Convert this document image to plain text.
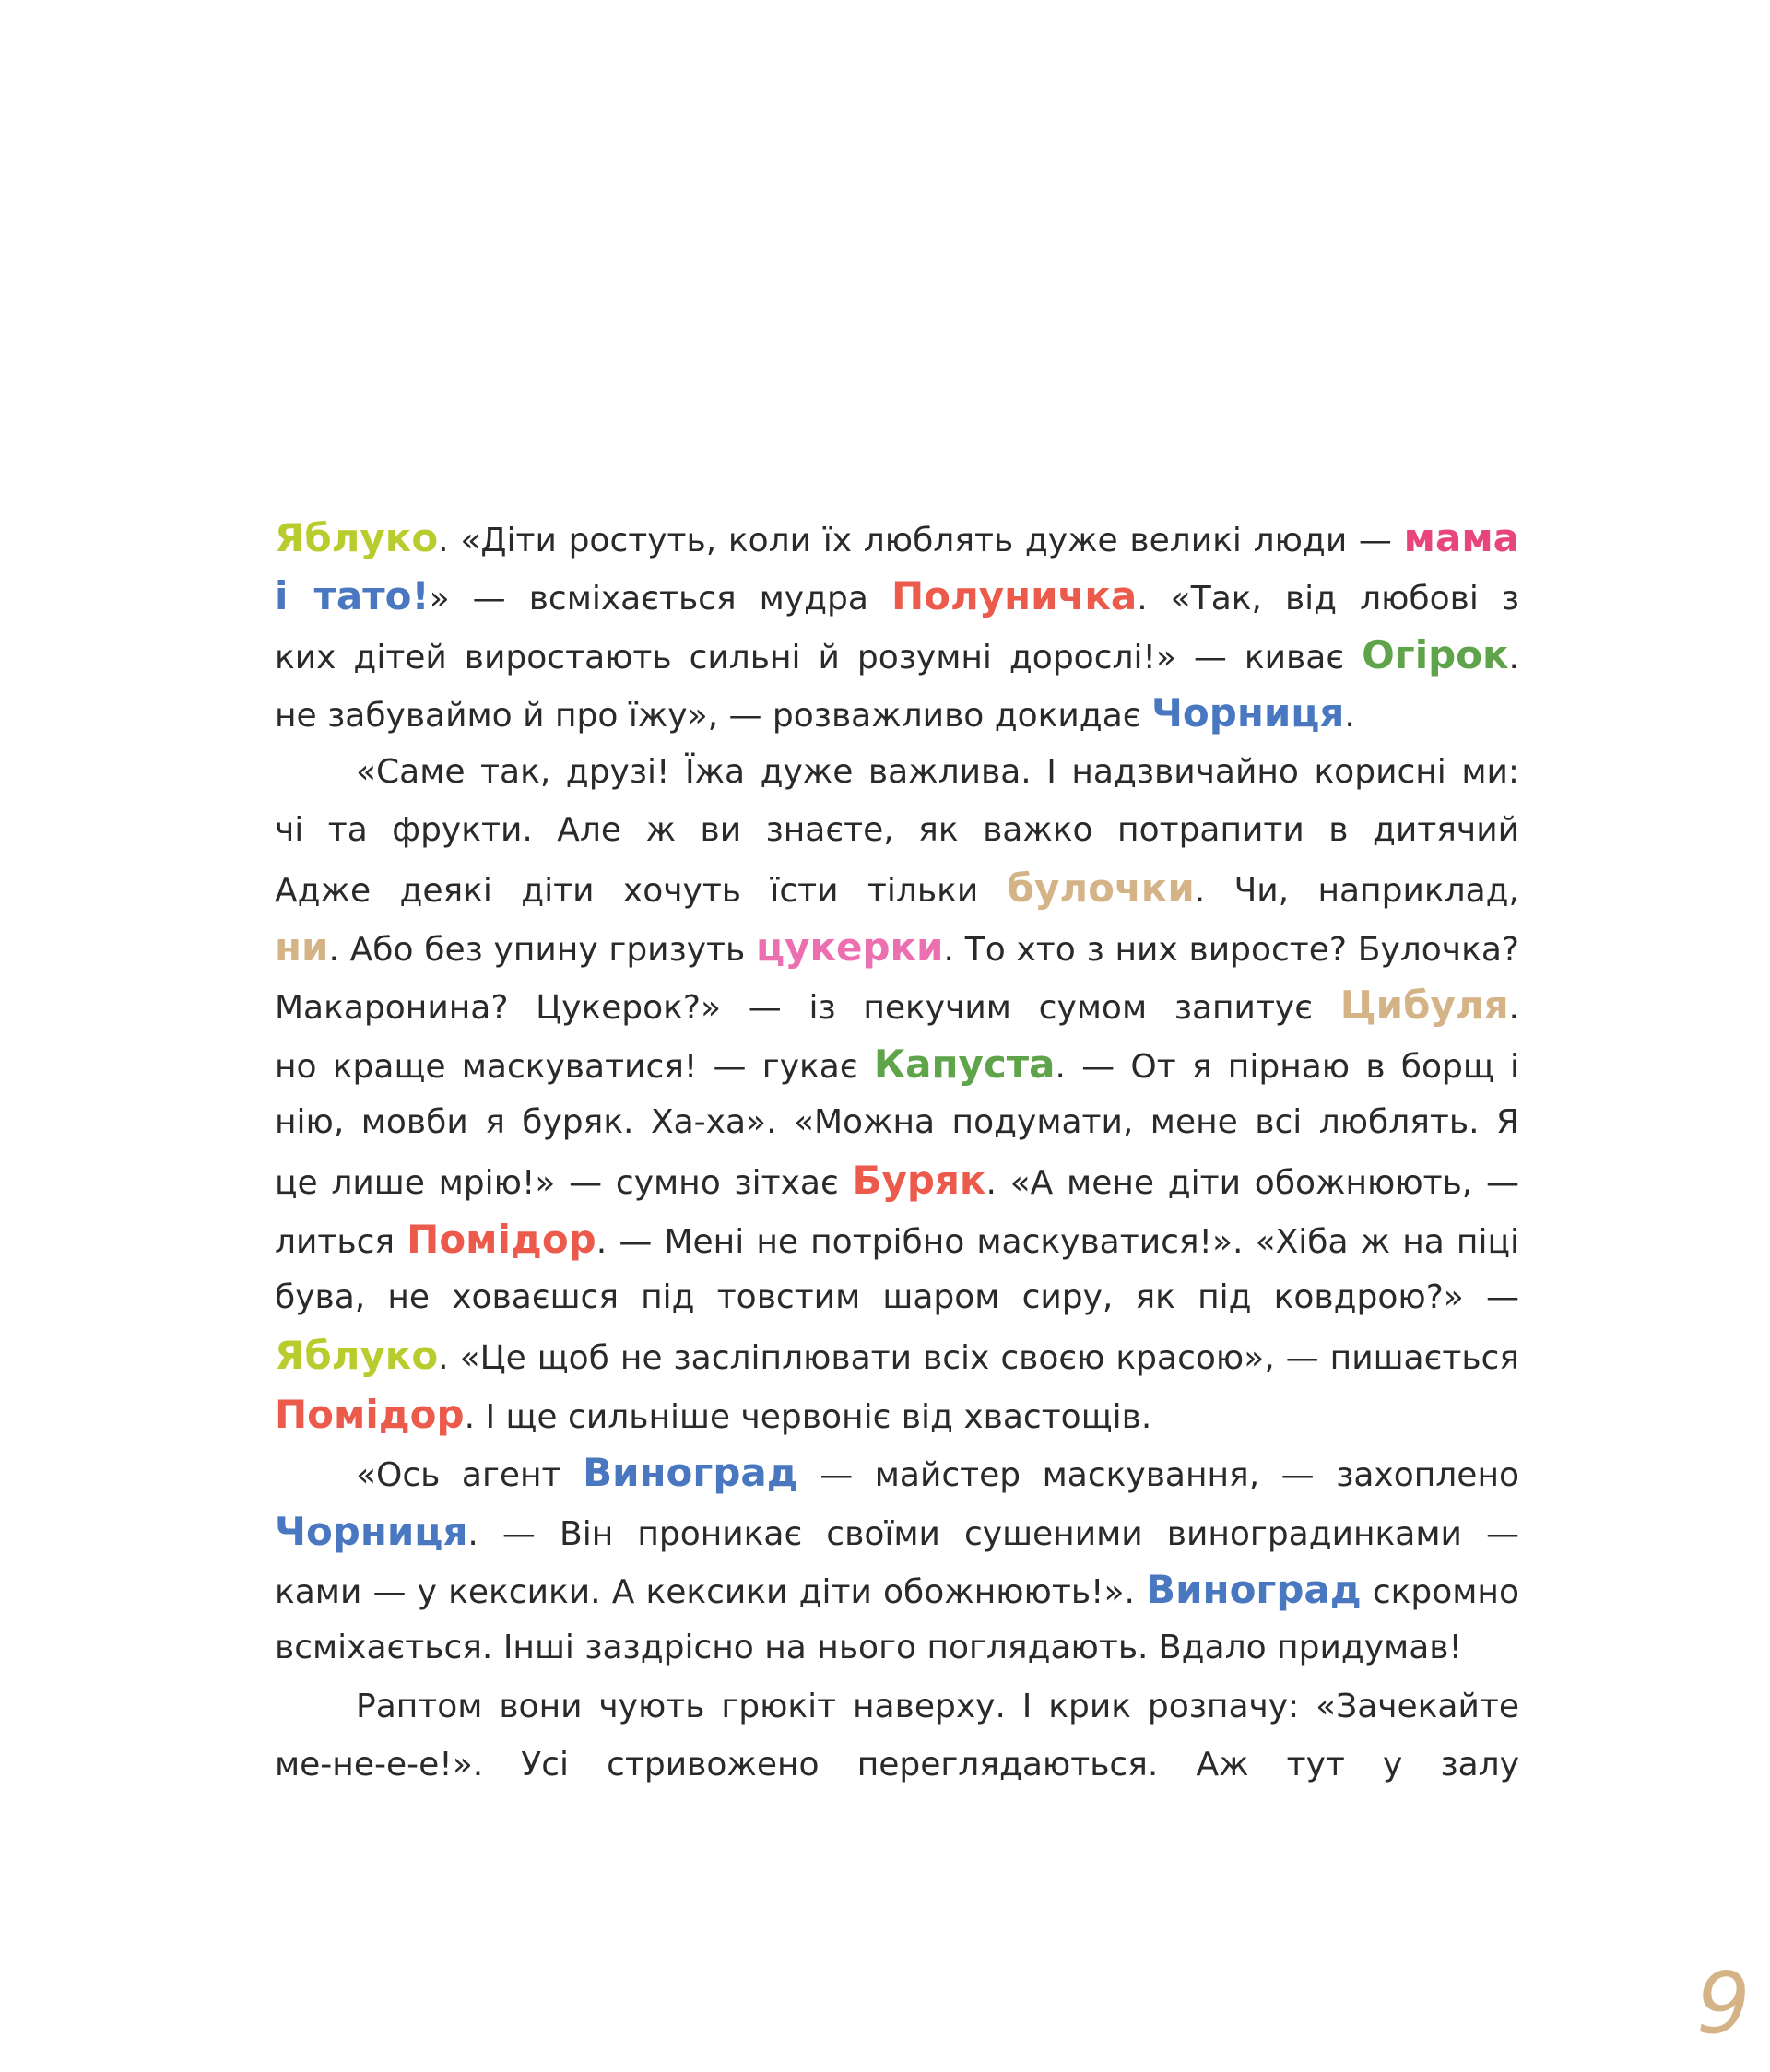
Яблуко. «Діти ростуть, коли їх люблять дуже великі люди — мама
і тато!» — всміхається мудра Полуничка. «Так, від любові з
ких дітей виростають сильні й розумні дорослі!» — киває Огірок.
не забуваймо й про їжу», — розважливо докидає Чорниця.
«Саме так, друзі! Їжа дуже важлива. І надзвичайно корисні ми:
чі та фрукти. Але ж ви знаєте, як важко потрапити в дитячий
Адже деякі діти хочуть їсти тільки булочки. Чи, наприклад,
ни. Або без упину гризуть цукерки. То хто з них виросте? Булочка?
Макаронина? Цукерок?» — із пекучим сумом запитує Цибуля.
но краще маскуватися! — гукає Капуста. — От я пірнаю в борщ і
нію, мовби я буряк. Ха-ха». «Можна подумати, мене всі люблять. Я
це лише мрію!» — сумно зітхає Буряк. «А мене діти обожнюють, —
литься Помідор. — Мені не потрібно маскуватися!». «Хіба ж на піці
бува, не ховаєшся під товстим шаром сиру, як під ковдрою?» —
Яблуко. «Це щоб не засліплювати всіх своєю красою», — пишається
Помідор. І ще сильніше червоніє від хвастощів.
«Ось агент Виноград — майстер маскування, — захоплено
Чорниця. — Він проникає своїми сушеними виноградинками —
ками — у кексики. А кексики діти обожнюють!». Виноград скромно
всміхається. Інші заздрісно на нього поглядають. Вдало придумав!
Раптом вони чують грюкіт наверху. І крик розпачу: «Зачекайте
ме-не-е-е!». Усі стривожено переглядаються. Аж тут у залу
9
